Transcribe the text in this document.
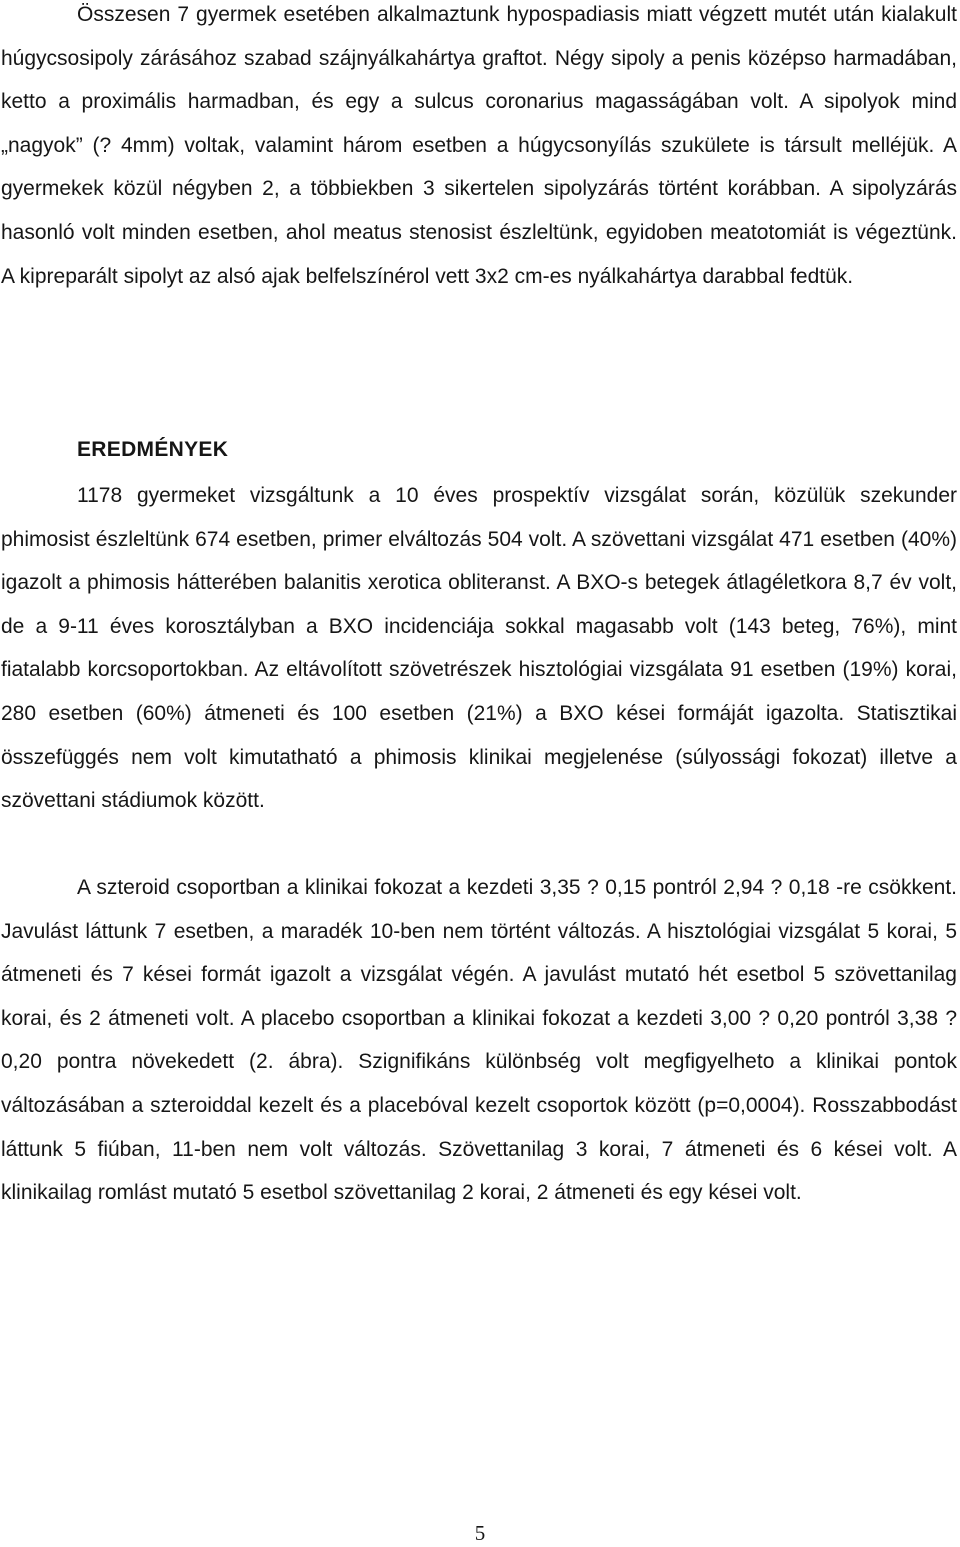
Összesen 7 gyermek esetében alkalmaztunk hypospadiasis miatt végzett mutét után kialakult húgycsosipoly zárásához szabad szájnyálkahártya graftot. Négy sipoly a penis középso harmadában, ketto a proximális harmadban, és egy a sulcus coronarius magasságában volt. A sipolyok mind „nagyok” (? 4mm) voltak, valamint három esetben a húgycsonyílás szukülete is társult melléjük. A gyermekek közül négyben 2, a többiekben 3 sikertelen sipolyzárás történt korábban. A sipolyzárás hasonló volt minden esetben, ahol meatus stenosist észleltünk, egyidoben meatotomiát is végeztünk. A kipreparált sipolyt az alsó ajak belfelszínérol vett 3x2 cm-es nyálkahártya darabbal fedtük.

EREDMÉNYEK

1178 gyermeket vizsgáltunk a 10 éves prospektív vizsgálat során, közülük szekunder phimosist észleltünk 674 esetben, primer elváltozás 504 volt. A szövettani vizsgálat 471 esetben (40%) igazolt a phimosis hátterében balanitis xerotica obliteranst. A BXO-s betegek átlagéletkora 8,7 év volt, de a 9-11 éves korosztályban a BXO incidenciája sokkal magasabb volt (143 beteg, 76%), mint fiatalabb korcsoportokban. Az eltávolított szövetrészek hisztológiai vizsgálata 91 esetben (19%) korai, 280 esetben (60%) átmeneti és 100 esetben (21%) a BXO kései formáját igazolta. Statisztikai összefüggés nem volt kimutatható a phimosis klinikai megjelenése (súlyossági fokozat) illetve a szövettani stádiumok között.

A szteroid csoportban a klinikai fokozat a kezdeti 3,35 ? 0,15 pontról 2,94 ? 0,18 -re csökkent. Javulást láttunk 7 esetben, a maradék 10-ben nem történt változás. A hisztológiai vizsgálat 5 korai, 5 átmeneti és 7 kései formát igazolt a vizsgálat végén. A javulást mutató hét esetbol 5 szövettanilag korai, és 2 átmeneti volt. A placebo csoportban a klinikai fokozat a kezdeti 3,00 ? 0,20 pontról 3,38 ? 0,20 pontra növekedett (2. ábra). Szignifikáns különbség volt megfigyelheto a klinikai pontok változásában a szteroiddal kezelt és a placebóval kezelt csoportok között (p=0,0004). Rosszabbodást láttunk 5 fiúban, 11-ben nem volt változás. Szövettanilag 3 korai, 7 átmeneti és 6 kései volt. A klinikailag romlást mutató 5 esetbol szövettanilag 2 korai, 2 átmeneti és egy kései volt.

5
